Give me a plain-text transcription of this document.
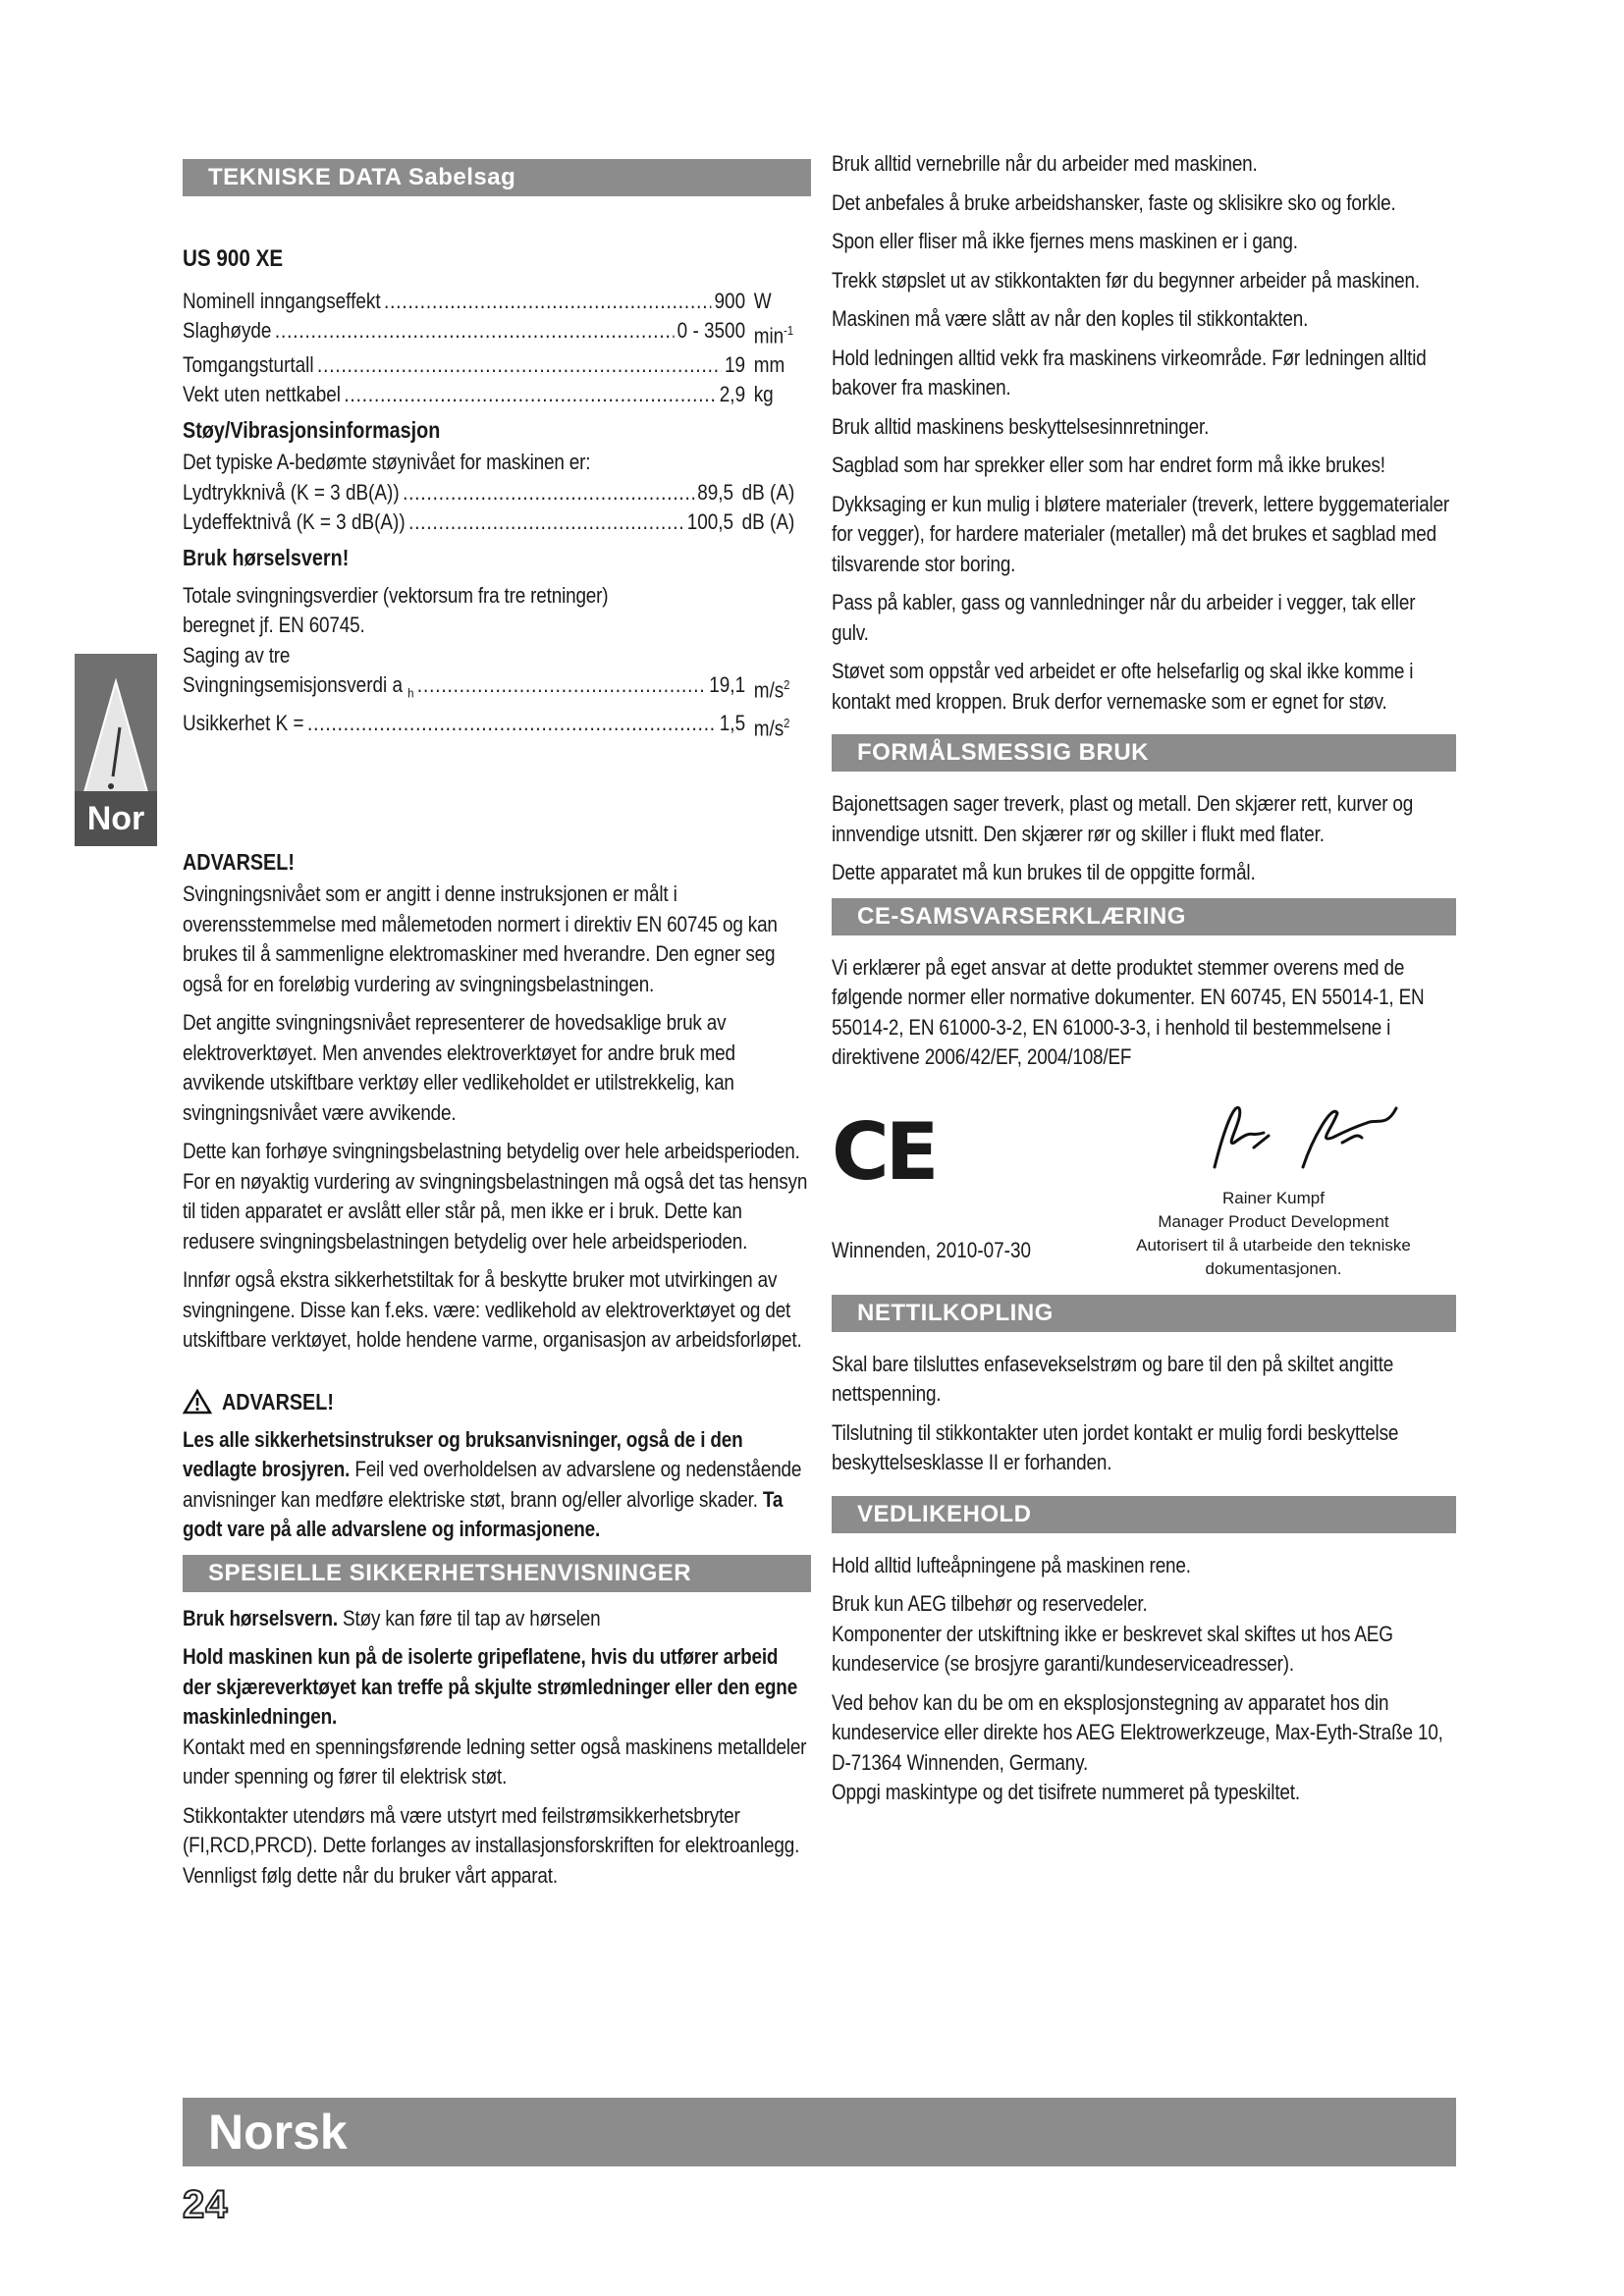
Nor
TEKNISKE DATA Sabelsag
US 900 XE
Nominell inngangseffekt .....	900 W
Slaghøyde .....	0 - 3500 $\min^{-1}$
Tomgangsturtall .....	19 mm
Vekt uten nettkabel .....	2,9 kg
Støy/Vibrasjonsinformasjon
Det typiske A-bedømte støynivået for maskinen er:
Lydtrykknivå (K = 3 dB(A)) .....	89,5 dB (A)
Lydeffektnivå (K = 3 dB(A)) .....	100,5 dB (A)
Bruk hørselsvern!
Totale svingningsverdier (vektorsum fra tre retninger)
beregnet jf. EN 60745.
Saging av tre
Svingningsemisjonsverdi a $_h$ .....	19,1 $m/s^2$
Usikkerhet K = .....	1,5 $m/s^2$
ADVARSEL!
Svingningsnivået som er angitt i denne instruksjonen er målt i overensstemmelse med målemetoden normert i direktiv EN 60745 og kan brukes til å sammenligne elektromaskiner med hverandre. Den egner seg også for en foreløbig vurdering av svingningsbelastningen.
Det angitte svingningsnivået representerer de hovedsaklige bruk av elektroverktøyet. Men anvendes elektroverktøyet for andre bruk med avvikende utskiftbare verktøy eller vedlikeholdet er utilstrekkelig, kan svingningsnivået være avvikende.
Dette kan forhøye svingningsbelastning betydelig over hele arbeidsperioden. For en nøyaktig vurdering av svingningsbelastningen må også det tas hensyn til tiden apparatet er avslått eller står på, men ikke er i bruk. Dette kan redusere svingningsbelastningen betydelig over hele arbeidsperioden.
Innfør også ekstra sikkerhetstiltak for å beskytte bruker mot utvirkingen av svingningene. Disse kan f.eks. være: vedlikehold av elektroverktøyet og det utskiftbare verktøyet, holde hendene varme, organisasjon av arbeidsforløpet.
ADVARSEL!
Les alle sikkerhetsinstrukser og bruksanvisninger, også de i den vedlagte brosjyren. Feil ved overholdelsen av advarslene og nedenstående anvisninger kan medføre elektriske støt, brann og/eller alvorlige skader. Ta godt vare på alle advarslene og informasjonene.
SPESIELLE SIKKERHETSHENVISNINGER
Bruk hørselsvern. Støy kan føre til tap av hørselen
Hold maskinen kun på de isolerte gripeflatene, hvis du utfører arbeid der skjæreverktøyet kan treffe på skjulte strømledninger eller den egne maskinledningen.
Kontakt med en spenningsførende ledning setter også maskinens metalldeler under spenning og fører til elektrisk støt.
Stikkontakter utendørs må være utstyrt med feilstrømsikkerhetsbryter (FI,RCD,PRCD). Dette forlanges av installasjonsforskriften for elektroanlegg. Vennligst følg dette når du bruker vårt apparat.
Bruk alltid vernebrille når du arbeider med maskinen.
Det anbefales å bruke arbeidshansker, faste og sklisikre sko og forkle.
Spon eller fliser må ikke fjernes mens maskinen er i gang.
Trekk støpslet ut av stikkontakten før du begynner arbeider på maskinen.
Maskinen må være slått av når den koples til stikkontakten.
Hold ledningen alltid vekk fra maskinens virkeområde. Før ledningen alltid bakover fra maskinen.
Bruk alltid maskinens beskyttelsesinnretninger.
Sagblad som har sprekker eller som har endret form må ikke brukes!
Dykksaging er kun mulig i bløtere materialer (treverk, lettere byggematerialer for vegger), for hardere materialer (metaller) må det brukes et sagblad med tilsvarende stor boring.
Pass på kabler, gass og vannledninger når du arbeider i vegger, tak eller gulv.
Støvet som oppstår ved arbeidet er ofte helsefarlig og skal ikke komme i kontakt med kroppen. Bruk derfor vernemaske som er egnet for støv.
FORMÅLSMESSIG BRUK
Bajonettsagen sager treverk, plast og metall. Den skjærer rett, kurver og innvendige utsnitt. Den skjærer rør og skiller i flukt med flater.
Dette apparatet må kun brukes til de oppgitte formål.
CE-SAMSVARSERKLÆRING
Vi erklærer på eget ansvar at dette produktet stemmer overens med de følgende normer eller normative dokumenter. EN 60745, EN 55014-1, EN 55014-2, EN 61000-3-2, EN 61000-3-3, i henhold til bestemmelsene i direktivene 2006/42/EF, 2004/108/EF
CE
Rainer Kumpf
Manager Product Development
Autorisert til å utarbeide den tekniske dokumentasjonen.
Winnenden, 2010-07-30
NETTILKOPLING
Skal bare tilsluttes enfasevekselstrøm og bare til den på skiltet angitte nettspenning.
Tilslutning til stikkontakter uten jordet kontakt er mulig fordi beskyttelse beskyttelsesklasse II er forhanden.
VEDLIKEHOLD
Hold alltid lufteåpningene på maskinen rene.
Bruk kun AEG tilbehør og reservedeler.
Komponenter der utskiftning ikke er beskrevet skal skiftes ut hos AEG kundeservice (se brosjyre garanti/kundeserviceadresser).
Ved behov kan du be om en eksplosjonstegning av apparatet hos din kundeservice eller direkte hos AEG Elektrowerkzeuge, Max-Eyth-Straße 10, D-71364 Winnenden, Germany.
Oppgi maskintype og det tisifrete nummeret på typeskiltet.
Norsk
24
